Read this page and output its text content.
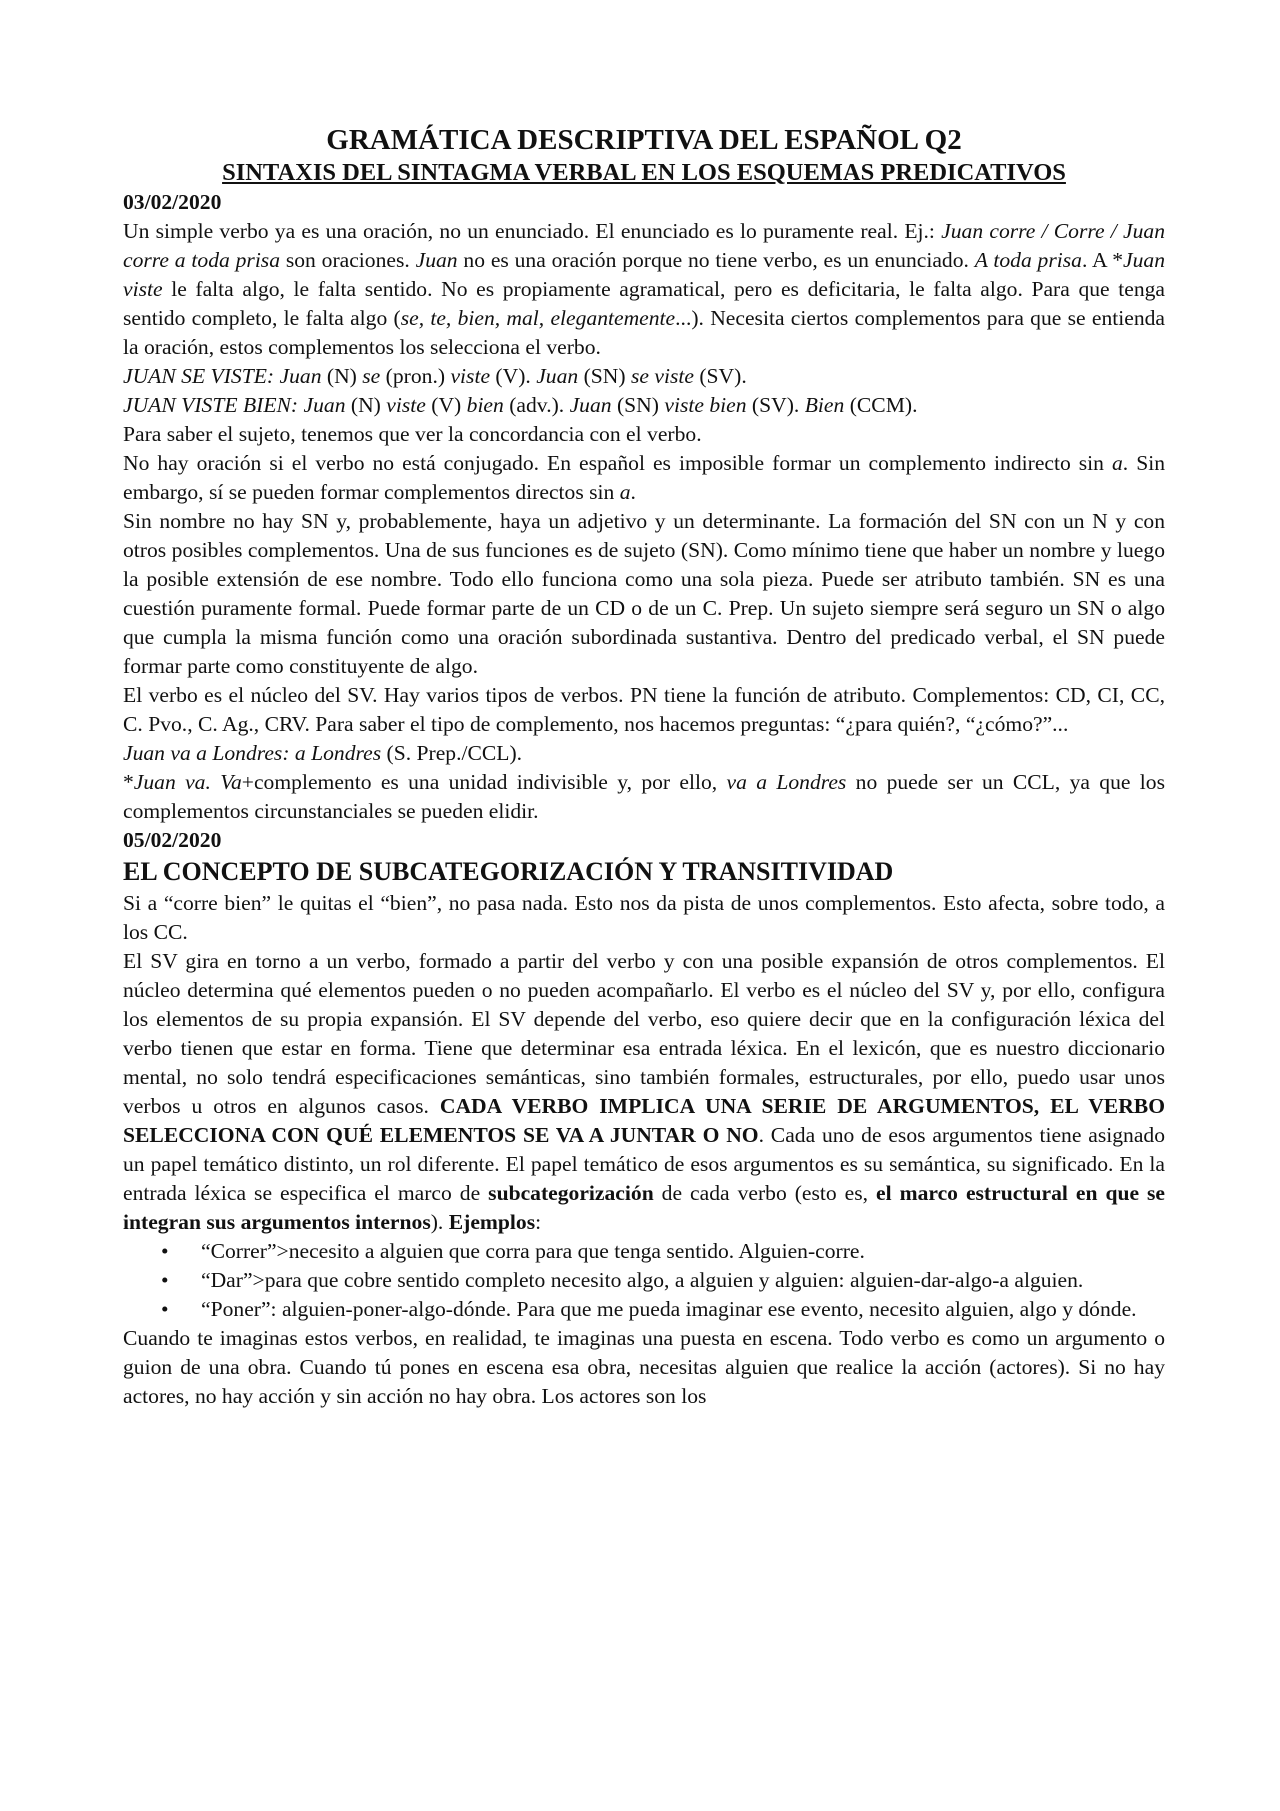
GRAMÁTICA DESCRIPTIVA DEL ESPAÑOL Q2
SINTAXIS DEL SINTAGMA VERBAL EN LOS ESQUEMAS PREDICATIVOS

03/02/2020

Un simple verbo ya es una oración, no un enunciado. El enunciado es lo puramente real. Ej.: Juan corre / Corre / Juan corre a toda prisa son oraciones. Juan no es una oración porque no tiene verbo, es un enunciado. A toda prisa. A *Juan viste le falta algo, le falta sentido. No es propiamente agramatical, pero es deficitaria, le falta algo. Para que tenga sentido completo, le falta algo (se, te, bien, mal, elegantemente...). Necesita ciertos complementos para que se entienda la oración, estos complementos los selecciona el verbo.

JUAN SE VISTE: Juan (N) se (pron.) viste (V). Juan (SN) se viste (SV).

JUAN VISTE BIEN: Juan (N) viste (V) bien (adv.). Juan (SN) viste bien (SV). Bien (CCM).

Para saber el sujeto, tenemos que ver la concordancia con el verbo.

No hay oración si el verbo no está conjugado. En español es imposible formar un complemento indirecto sin a. Sin embargo, sí se pueden formar complementos directos sin a.

Sin nombre no hay SN y, probablemente, haya un adjetivo y un determinante. La formación del SN con un N y con otros posibles complementos. Una de sus funciones es de sujeto (SN). Como mínimo tiene que haber un nombre y luego la posible extensión de ese nombre. Todo ello funciona como una sola pieza. Puede ser atributo también. SN es una cuestión puramente formal. Puede formar parte de un CD o de un C. Prep. Un sujeto siempre será seguro un SN o algo que cumpla la misma función como una oración subordinada sustantiva. Dentro del predicado verbal, el SN puede formar parte como constituyente de algo.

El verbo es el núcleo del SV. Hay varios tipos de verbos. PN tiene la función de atributo. Complementos: CD, CI, CC, C. Pvo., C. Ag., CRV. Para saber el tipo de complemento, nos hacemos preguntas: “¿para quién?, “¿cómo?”...

Juan va a Londres: a Londres (S. Prep./CCL).

*Juan va. Va+complemento es una unidad indivisible y, por ello, va a Londres no puede ser un CCL, ya que los complementos circunstanciales se pueden elidir.

05/02/2020

EL CONCEPTO DE SUBCATEGORIZACIÓN Y TRANSITIVIDAD

Si a “corre bien” le quitas el “bien”, no pasa nada. Esto nos da pista de unos complementos. Esto afecta, sobre todo, a los CC.

El SV gira en torno a un verbo, formado a partir del verbo y con una posible expansión de otros complementos. El núcleo determina qué elementos pueden o no pueden acompañarlo. El verbo es el núcleo del SV y, por ello, configura los elementos de su propia expansión. El SV depende del verbo, eso quiere decir que en la configuración léxica del verbo tienen que estar en forma. Tiene que determinar esa entrada léxica. En el lexicón, que es nuestro diccionario mental, no solo tendrá especificaciones semánticas, sino también formales, estructurales, por ello, puedo usar unos verbos u otros en algunos casos. CADA VERBO IMPLICA UNA SERIE DE ARGUMENTOS, EL VERBO SELECCIONA CON QUÉ ELEMENTOS SE VA A JUNTAR O NO. Cada uno de esos argumentos tiene asignado un papel temático distinto, un rol diferente. El papel temático de esos argumentos es su semántica, su significado. En la entrada léxica se especifica el marco de subcategorización de cada verbo (esto es, el marco estructural en que se integran sus argumentos internos). Ejemplos:

• “Correr”>necesito a alguien que corra para que tenga sentido. Alguien-corre.
• “Dar”>para que cobre sentido completo necesito algo, a alguien y alguien: alguien-dar-algo-a alguien.
• “Poner”: alguien-poner-algo-dónde. Para que me pueda imaginar ese evento, necesito alguien, algo y dónde.

Cuando te imaginas estos verbos, en realidad, te imaginas una puesta en escena. Todo verbo es como un argumento o guion de una obra. Cuando tú pones en escena esa obra, necesitas alguien que realice la acción (actores). Si no hay actores, no hay acción y sin acción no hay obra. Los actores son los
